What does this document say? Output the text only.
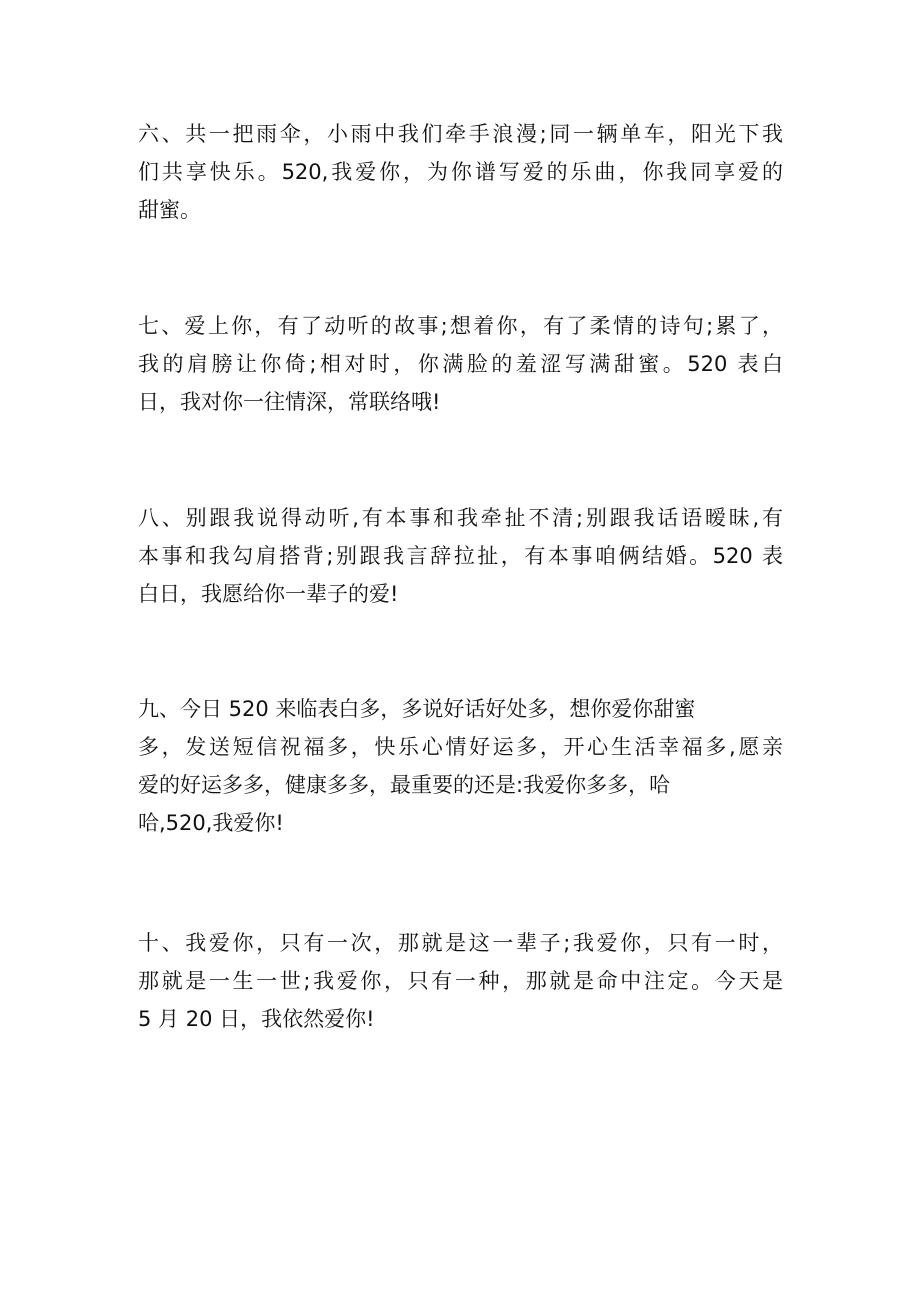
六、共一把雨伞，小雨中我们牵手浪漫;同一辆单车，阳光下我
们共享快乐。520,我爱你，为你谱写爱的乐曲，你我同享爱的
甜蜜。
七、爱上你，有了动听的故事;想着你，有了柔情的诗句;累了，
我的肩膀让你倚;相对时，你满脸的羞涩写满甜蜜。520 表白
日，我对你一往情深，常联络哦!
八、别跟我说得动听,有本事和我牵扯不清;别跟我话语暧昧,有
本事和我勾肩搭背;别跟我言辞拉扯，有本事咱俩结婚。520 表
白日，我愿给你一辈子的爱!
九、今日 520 来临表白多，多说好话好处多，想你爱你甜蜜
多，发送短信祝福多，快乐心情好运多，开心生活幸福多,愿亲
爱的好运多多，健康多多，最重要的还是:我爱你多多，哈
哈,520,我爱你!
十、我爱你，只有一次，那就是这一辈子;我爱你，只有一时，
那就是一生一世;我爱你，只有一种，那就是命中注定。今天是
5 月 20 日，我依然爱你!
